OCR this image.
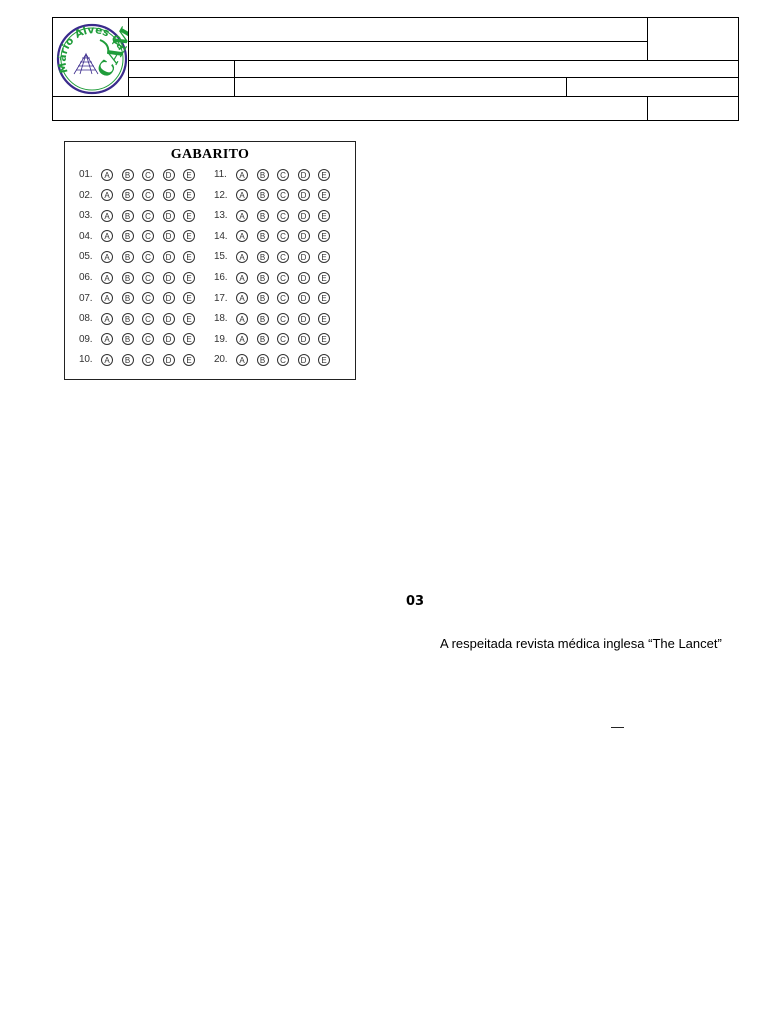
Mário Alves Ca
CAM
GABARITO
01.	A	B	C	D	E
02.	A	B	C	D	E
03.	A	B	C	D	E
04.	A	B	C	D	E
05.	A	B	C	D	E
06.	A	B	C	D	E
07.	A	B	C	D	E
08.	A	B	C	D	E
09.	A	B	C	D	E
10.	A	B	C	D	E
11.	A	B	C	D	E
12.	A	B	C	D	E
13.	A	B	C	D	E
14.	A	B	C	D	E
15.	A	B	C	D	E
16.	A	B	C	D	E
17.	A	B	C	D	E
18.	A	B	C	D	E
19.	A	B	C	D	E
20.	A	B	C	D	E
03
A respeitada revista médica inglesa “The Lancet”
—
